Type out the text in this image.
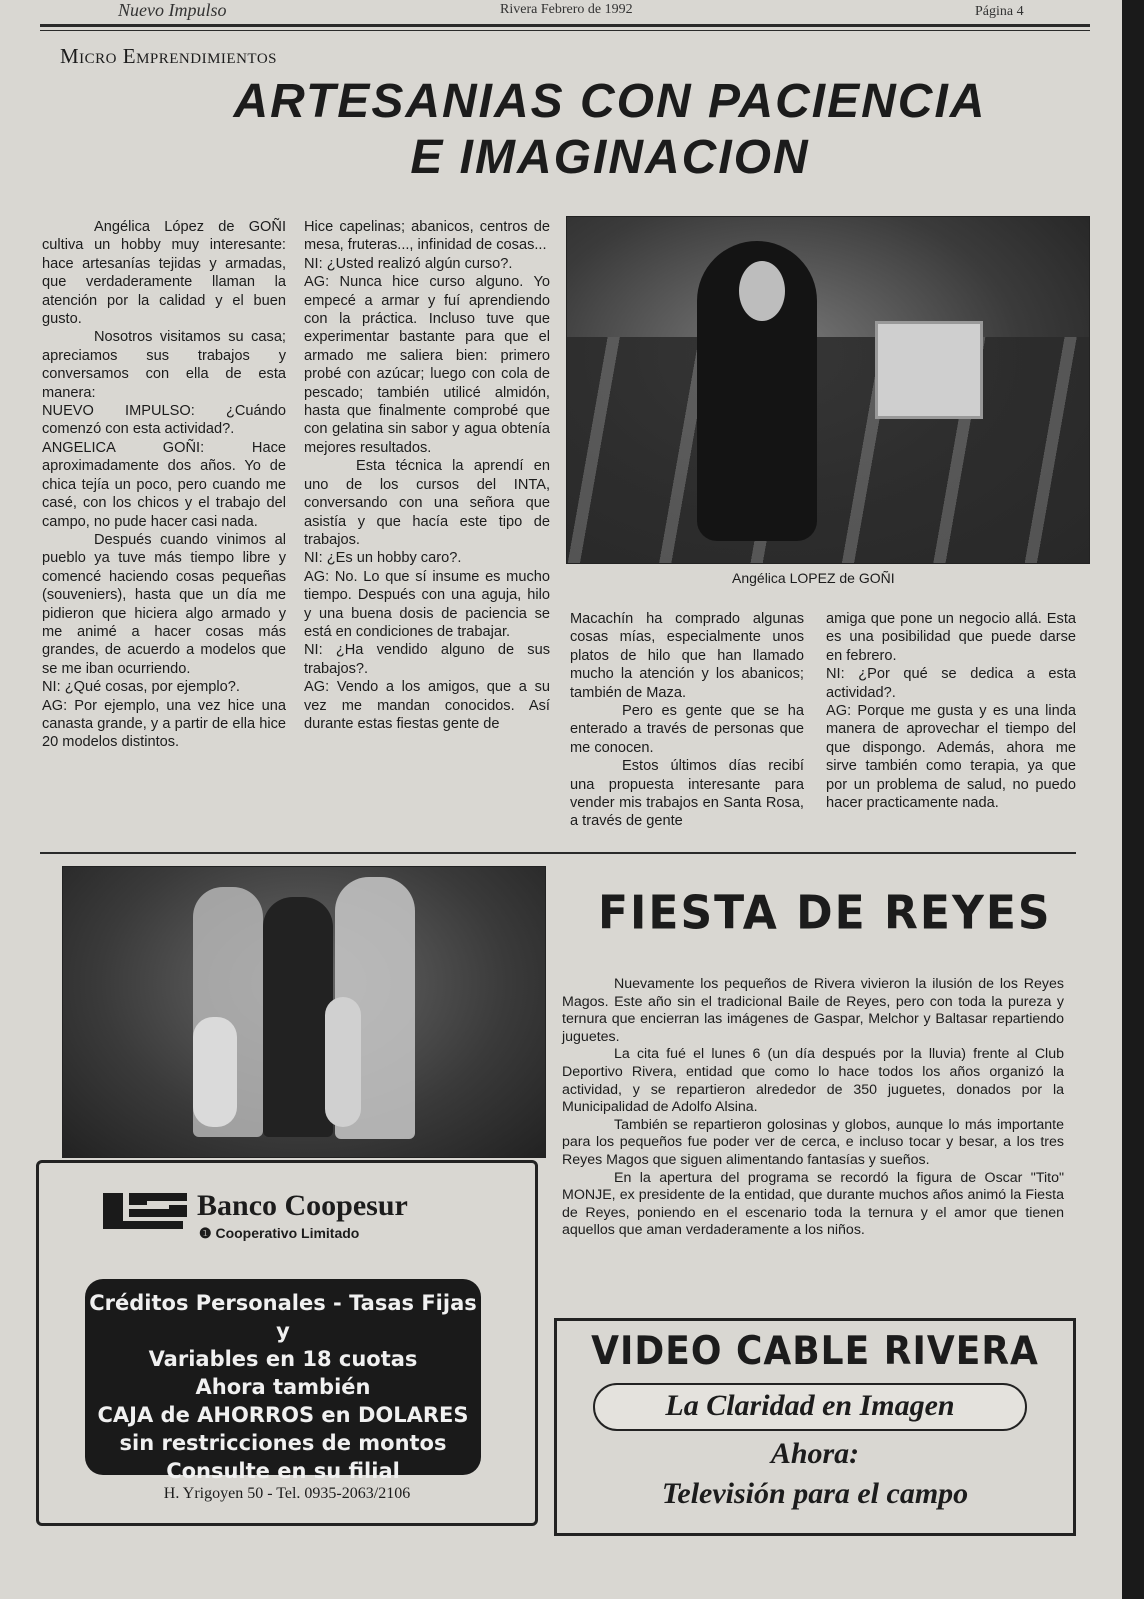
Nuevo Impulso	Rivera Febrero de 1992	Página 4
Micro Emprendimientos
ARTESANIAS CON PACIENCIA
E IMAGINACION

Angélica López de GOÑI cultiva un hobby muy interesante: hace artesanías tejidas y armadas, que verdaderamente llaman la atención por la calidad y el buen gusto.

Nosotros visitamos su casa; apreciamos sus trabajos y conversamos con ella de esta manera:

NUEVO IMPULSO: ¿Cuándo comenzó con esta actividad?.

ANGELICA GOÑI: Hace aproximadamente dos años. Yo de chica tejía un poco, pero cuando me casé, con los chicos y el trabajo del campo, no pude hacer casi nada.

Después cuando vinimos al pueblo ya tuve más tiempo libre y comencé haciendo cosas pequeñas (souveniers), hasta que un día me pidieron que hiciera algo armado y me animé a hacer cosas más grandes, de acuerdo a modelos que se me iban ocurriendo.

NI: ¿Qué cosas, por ejemplo?.

AG: Por ejemplo, una vez hice una canasta grande, y a partir de ella hice 20 modelos distintos.

Hice capelinas; abanicos, centros de mesa, fruteras..., infinidad de cosas...

NI: ¿Usted realizó algún curso?.

AG: Nunca hice curso alguno. Yo empecé a armar y fuí aprendiendo con la práctica. Incluso tuve que experimentar bastante para que el armado me saliera bien: primero probé con azúcar; luego con cola de pescado; también utilicé almidón, hasta que finalmente comprobé que con gelatina sin sabor y agua obtenía mejores resultados.

Esta técnica la aprendí en uno de los cursos del INTA, conversando con una señora que asistía y que hacía este tipo de trabajos.

NI: ¿Es un hobby caro?.

AG: No. Lo que sí insume es mucho tiempo. Después con una aguja, hilo y una buena dosis de paciencia se está en condiciones de trabajar.

NI: ¿Ha vendido alguno de sus trabajos?.

AG: Vendo a los amigos, que a su vez me mandan conocidos. Así durante estas fiestas gente de

Angélica LOPEZ de GOÑI

Macachín ha comprado algunas cosas mías, especialmente unos platos de hilo que han llamado mucho la atención y los abanicos; también de Maza.

Pero es gente que se ha enterado a través de personas que me conocen.

Estos últimos días recibí una propuesta interesante para vender mis trabajos en Santa Rosa, a través de gente

amiga que pone un negocio allá. Esta es una posibilidad que puede darse en febrero.

NI: ¿Por qué se dedica a esta actividad?.

AG: Porque me gusta y es una linda manera de aprovechar el tiempo del que dispongo. Además, ahora me sirve también como terapia, ya que por un problema de salud, no puedo hacer practicamente nada.

FIESTA DE REYES

Nuevamente los pequeños de Rivera vivieron la ilusión de los Reyes Magos. Este año sin el tradicional Baile de Reyes, pero con toda la pureza y ternura que encierran las imágenes de Gaspar, Melchor y Baltasar repartiendo juguetes.

La cita fué el lunes 6 (un día después por la lluvia) frente al Club Deportivo Rivera, entidad que como lo hace todos los años organizó la actividad, y se repartieron alrededor de 350 juguetes, donados por la Municipalidad de Adolfo Alsina.

También se repartieron golosinas y globos, aunque lo más importante para los pequeños fue poder ver de cerca, e incluso tocar y besar, a los tres Reyes Magos que siguen alimentando fantasías y sueños.

En la apertura del programa se recordó la figura de Oscar "Tito" MONJE, ex presidente de la entidad, que durante muchos años animó la Fiesta de Reyes, poniendo en el escenario toda la ternura y el amor que tienen aquellos que aman verdaderamente a los niños.

Banco Coopesur
❶ Cooperativo Limitado
Créditos Personales - Tasas Fijas y
Variables en 18 cuotas
Ahora también
CAJA de AHORROS en DOLARES
sin restricciones de montos
Consulte en su filial
H. Yrigoyen 50 - Tel. 0935-2063/2106
VIDEO CABLE RIVERA
La Claridad en Imagen
Ahora:
Televisión para el campo
